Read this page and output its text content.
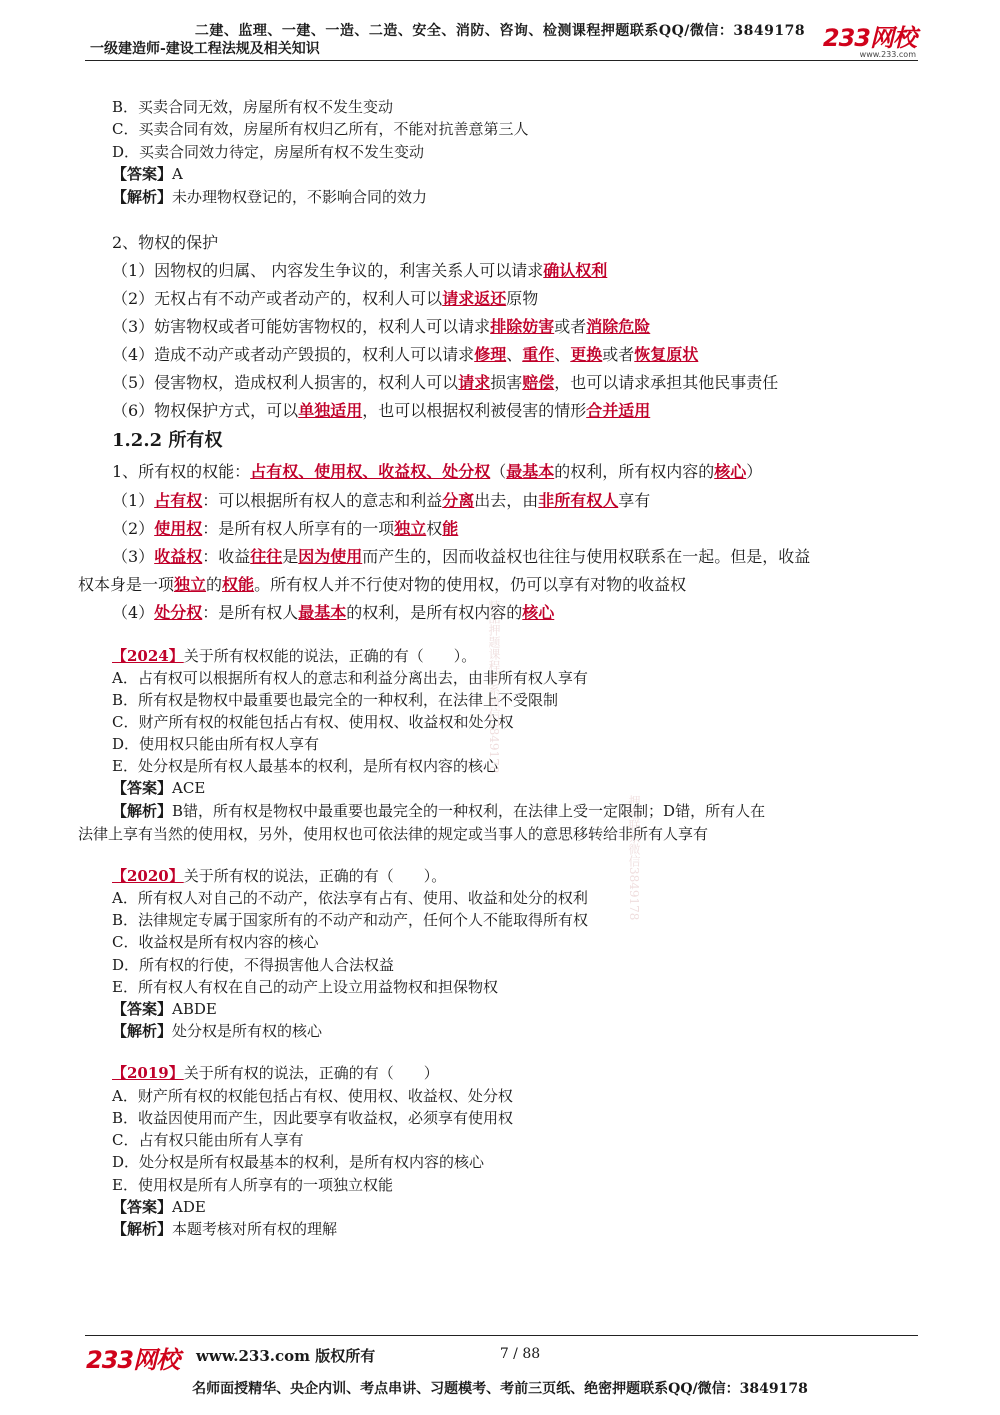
二建、监理、一建、一造、二造、安全、消防、咨询、检测课程押题联系QQ/微信：3849178
一级建造师-建设工程法规及相关知识	233网校
www.233.com
精品押题课程联系微信3849178
押题联系微信3849178
B．买卖合同无效，房屋所有权不发生变动
C．买卖合同有效，房屋所有权归乙所有，不能对抗善意第三人
D．买卖合同效力待定，房屋所有权不发生变动
【答案】A
【解析】未办理物权登记的，不影响合同的效力
2、物权的保护
（1）因物权的归属、 内容发生争议的，利害关系人可以请求确认权利
（2）无权占有不动产或者动产的，权利人可以请求返还原物
（3）妨害物权或者可能妨害物权的，权利人可以请求排除妨害或者消除危险
（4）造成不动产或者动产毁损的，权利人可以请求修理、重作、更换或者恢复原状
（5）侵害物权，造成权利人损害的，权利人可以请求损害赔偿，也可以请求承担其他民事责任
（6）物权保护方式，可以单独适用，也可以根据权利被侵害的情形合并适用
1.2.2 所有权
1、所有权的权能：占有权、使用权、收益权、处分权（最基本的权利，所有权内容的核心）
（1）占有权：可以根据所有权人的意志和利益分离出去，由非所有权人享有
（2）使用权：是所有权人所享有的一项独立权能
（3）收益权：收益往往是因为使用而产生的，因而收益权也往往与使用权联系在一起。但是，收益
权本身是一项独立的权能。所有权人并不行使对物的使用权，仍可以享有对物的收益权
（4）处分权：是所有权人最基本的权利，是所有权内容的核心
【2024】关于所有权权能的说法，正确的有（　　）。
A．占有权可以根据所有权人的意志和利益分离出去，由非所有权人享有
B．所有权是物权中最重要也最完全的一种权利，在法律上不受限制
C．财产所有权的权能包括占有权、使用权、收益权和处分权
D．使用权只能由所有权人享有
E．处分权是所有权人最基本的权利，是所有权内容的核心
【答案】ACE
【解析】B错，所有权是物权中最重要也最完全的一种权利，在法律上受一定限制；D错，所有人在
法律上享有当然的使用权，另外，使用权也可依法律的规定或当事人的意思移转给非所有人享有
【2020】关于所有权的说法，正确的有（　　）。
A．所有权人对自己的不动产，依法享有占有、使用、收益和处分的权利
B．法律规定专属于国家所有的不动产和动产，任何个人不能取得所有权
C．收益权是所有权内容的核心
D．所有权的行使，不得损害他人合法权益
E．所有权人有权在自己的动产上设立用益物权和担保物权
【答案】ABDE
【解析】处分权是所有权的核心
【2019】关于所有权的说法，正确的有（　　）
A．财产所有权的权能包括占有权、使用权、收益权、处分权
B．收益因使用而产生，因此要享有收益权，必须享有使用权
C．占有权只能由所有人享有
D．处分权是所有权最基本的权利，是所有权内容的核心
E．使用权是所有人所享有的一项独立权能
【答案】ADE
【解析】本题考核对所有权的理解
233网校 www.233.com 版权所有	7 / 88
名师面授精华、央企内训、考点串讲、习题模考、考前三页纸、绝密押题联系QQ/微信：3849178
